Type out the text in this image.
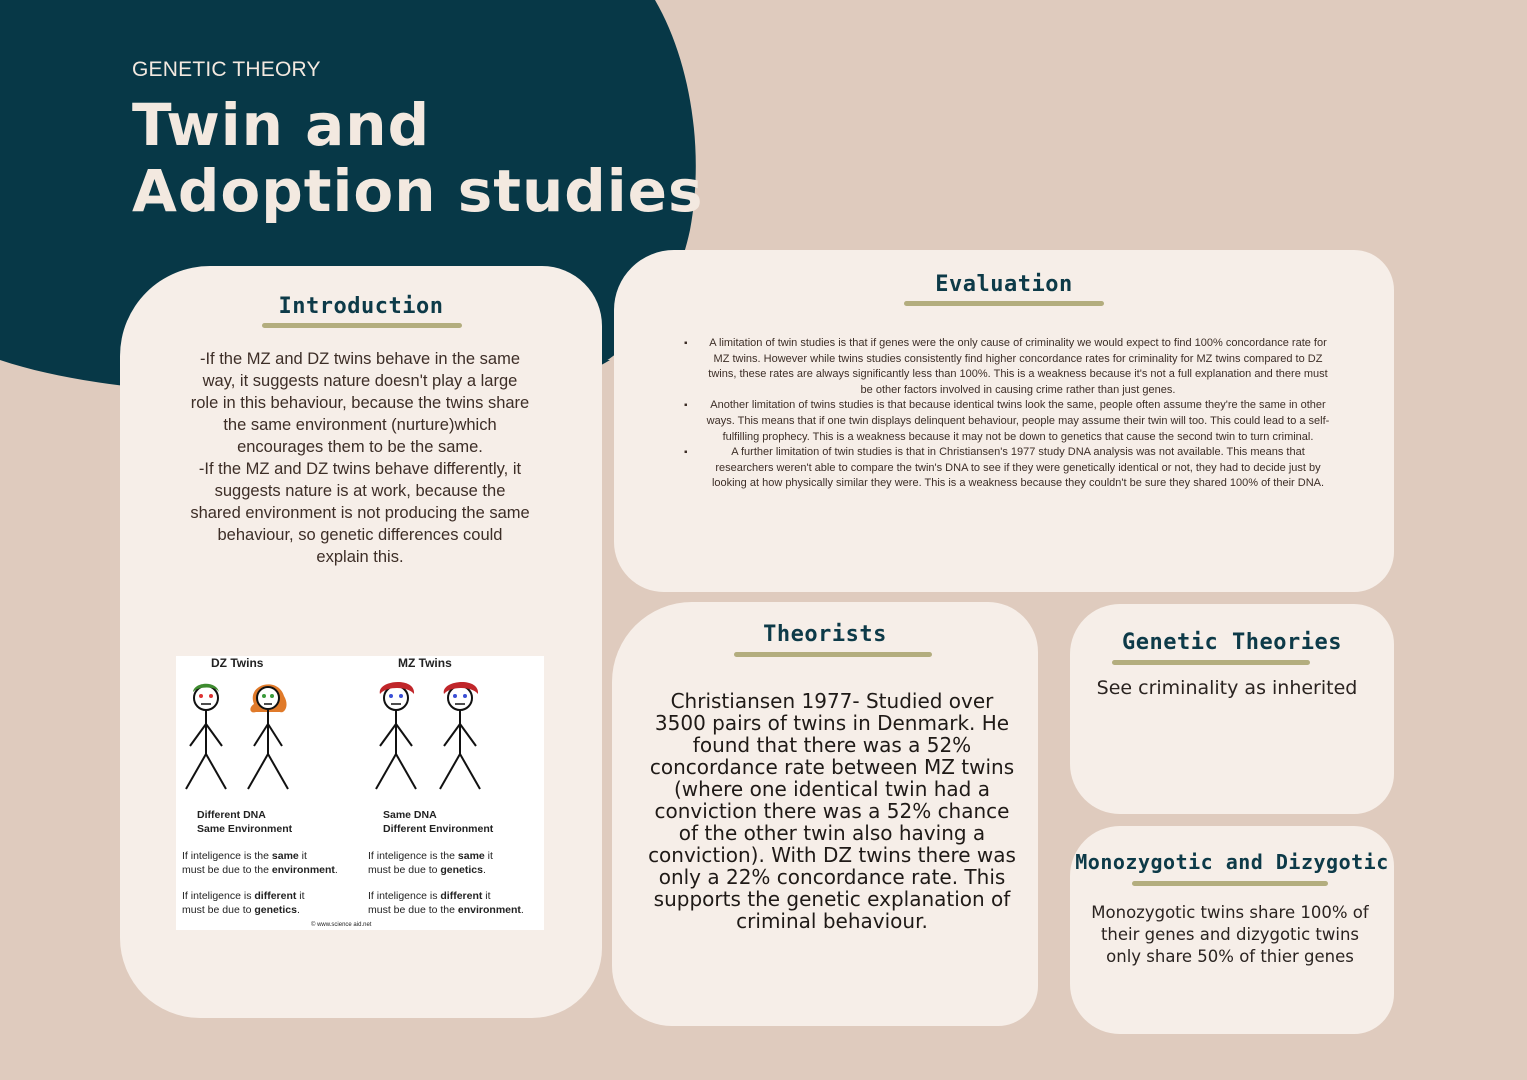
GENETIC THEORY
Twin and Adoption studies
Introduction
-If the MZ and DZ twins behave in the same way, it suggests nature doesn't play a large role in this behaviour, because the twins share the same environment (nurture)which encourages them to be the same.
-If the MZ and DZ twins behave differently, it suggests nature is at work, because the shared environment is not producing the same behaviour, so genetic differences could explain this.
DZ Twins	MZ Twins
Different DNA
Same Environment
Same DNA
Different Environment
If inteligence is the same it
must be due to the environment.
If inteligence is different it
must be due to genetics.
If inteligence is the same it
must be due to genetics.
If inteligence is different it
must be due to the environment.
© www.science aid.net
Evaluation
▪	A limitation of twin studies is that if genes were the only cause of criminality we would expect to find 100% concordance rate for MZ twins. However while twins studies consistently find higher concordance rates for criminality for MZ twins compared to DZ twins, these rates are always significantly less than 100%. This is a weakness because it's not a full explanation and there must be other factors involved in causing crime rather than just genes.
▪	Another limitation of twins studies is that because identical twins look the same, people often assume they're the same in other ways. This means that if one twin displays delinquent behaviour, people may assume their twin will too. This could lead to a self-fulfilling prophecy. This is a weakness because it may not be down to genetics that cause the second twin to turn criminal.
▪	A further limitation of twin studies is that in Christiansen's 1977 study DNA analysis was not available. This means that researchers weren't able to compare the twin's DNA to see if they were genetically identical or not, they had to decide just by looking at how physically similar they were. This is a weakness because they couldn't be sure they shared 100% of their DNA.
Theorists
Christiansen 1977- Studied over 3500 pairs of twins in Denmark. He found that there was a 52% concordance rate between MZ twins (where one identical twin had a conviction there was a 52% chance of the other twin also having a conviction). With DZ twins there was only a 22% concordance rate. This supports the genetic explanation of criminal behaviour.
Genetic Theories
See criminality as inherited
Monozygotic and Dizygotic
Monozygotic twins share 100% of their genes and dizygotic twins only share 50% of thier genes
